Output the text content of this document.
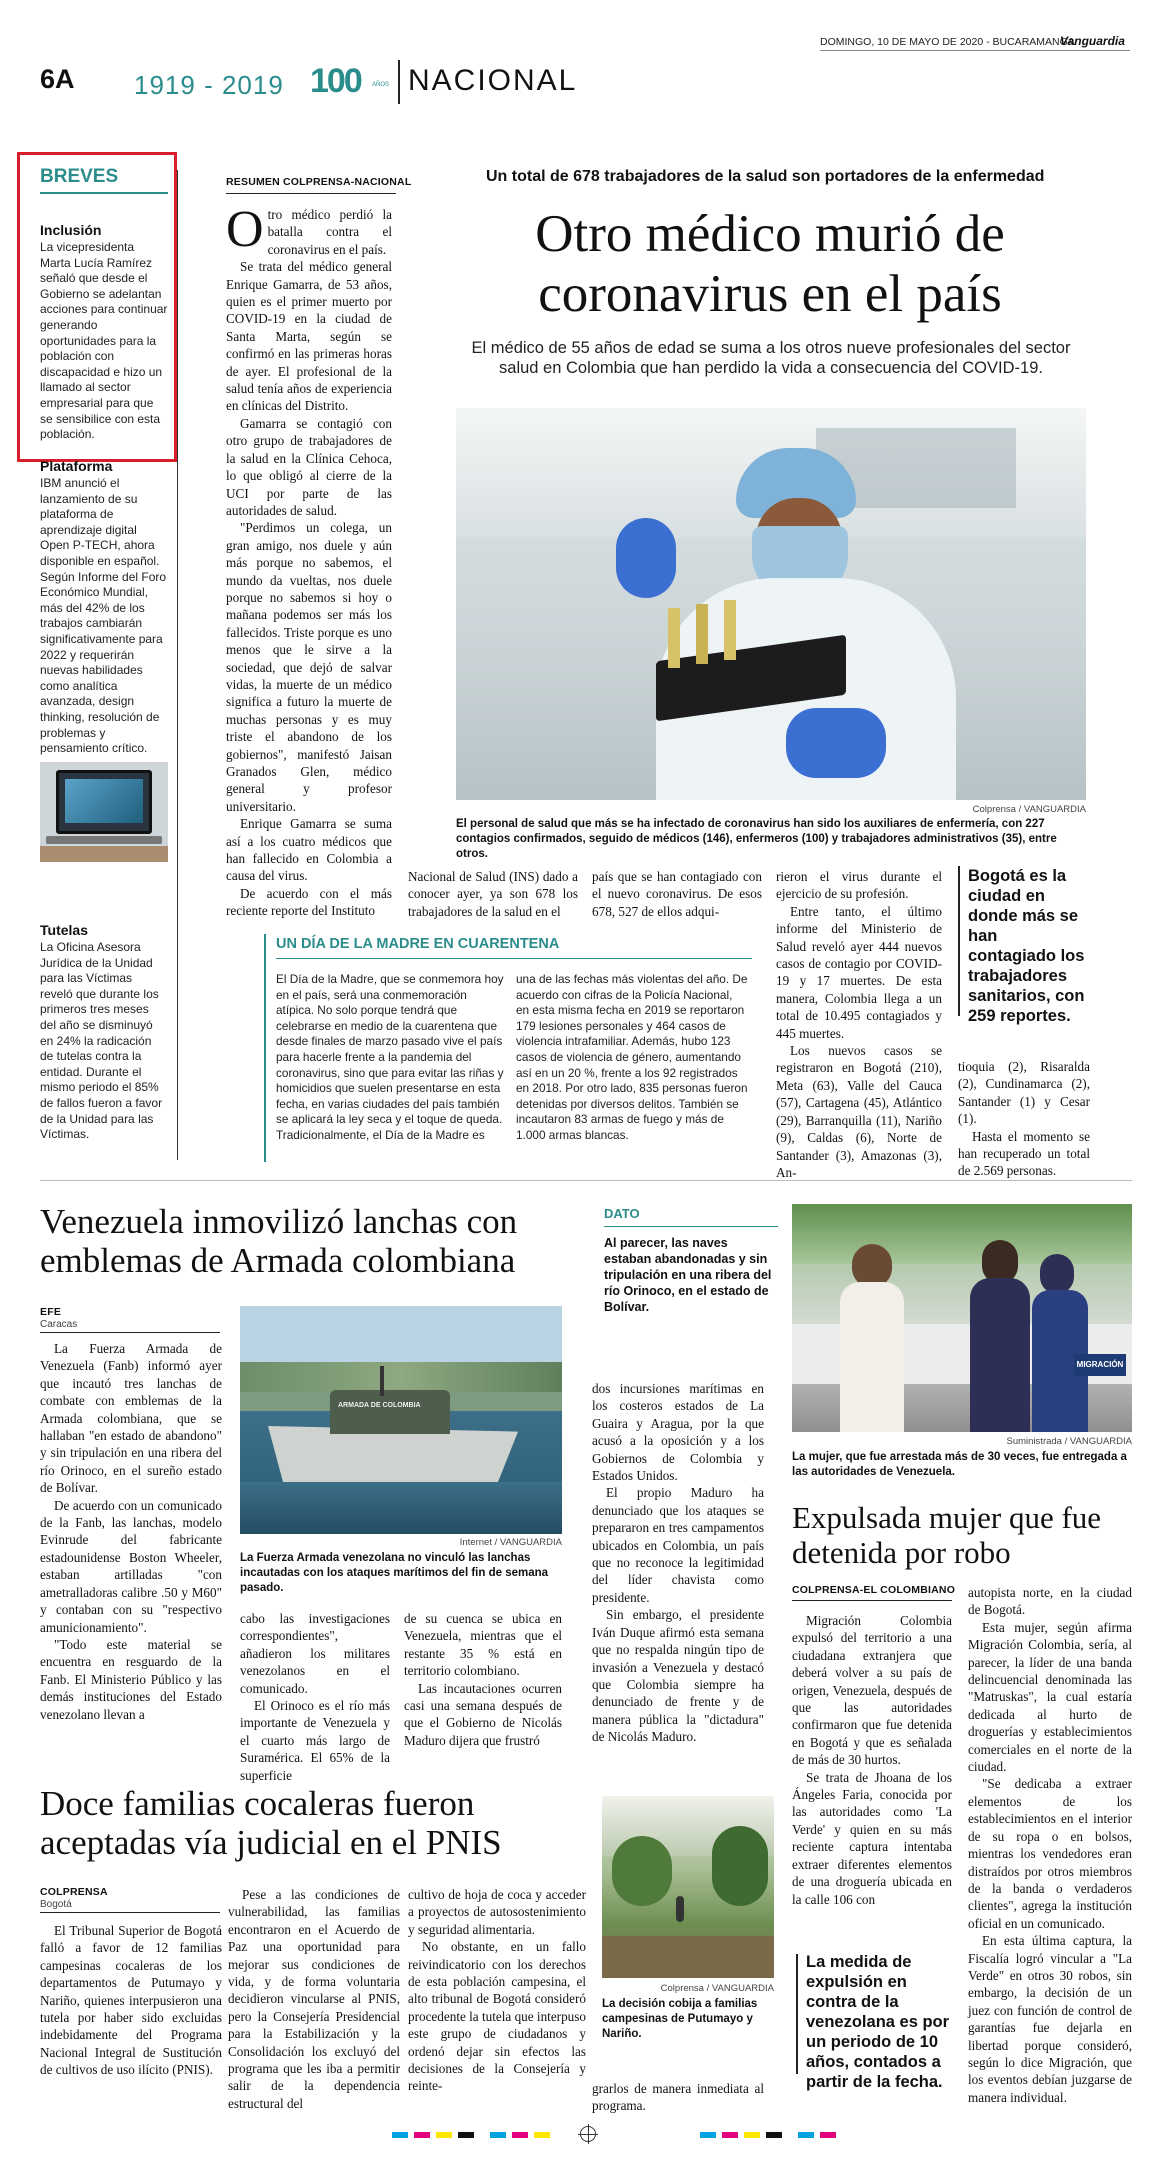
DOMINGO, 10 DE MAYO DE 2020 - BUCARAMANGA
Vanguardia
6A 1919 - 2019 100 AÑOS NACIONAL
BREVES
Inclusión
La vicepresidenta Marta Lucía Ramírez señaló que desde el Gobierno se adelantan acciones para continuar generando oportunidades para la población con discapacidad e hizo un llamado al sector empresarial para que se sensibilice con esta población.
Plataforma
IBM anunció el lanzamiento de su plataforma de aprendizaje digital Open P-TECH, ahora disponible en español. Según Informe del Foro Económico Mundial, más del 42% de los trabajos cambiarán significativamente para 2022 y requerirán nuevas habilidades como analítica avanzada, design thinking, resolución de problemas y pensamiento crítico.
Tutelas
La Oficina Asesora Jurídica de la Unidad para las Víctimas reveló que durante los primeros tres meses del año se disminuyó en 24% la radicación de tutelas contra la entidad. Durante el mismo periodo el 85% de fallos fueron a favor de la Unidad para las Víctimas.
RESUMEN COLPRENSA-NACIONAL	Un total de 678 trabajadores de la salud son portadores de la enfermedad
Otro médico murió de coronavirus en el país
El médico de 55 años de edad se suma a los otros nueve profesionales del sector salud en Colombia que han perdido la vida a consecuencia del COVID-19.
O tro médico perdió la batalla contra el coronavirus en el país.

Se trata del médico general Enrique Gamarra, de 53 años, quien es el primer muerto por COVID-19 en la ciudad de Santa Marta, según se confirmó en las primeras horas de ayer. El profesional de la salud tenía años de experiencia en clínicas del Distrito.

Gamarra se contagió con otro grupo de trabajadores de la salud en la Clínica Cehoca, lo que obligó al cierre de la UCI por parte de las autoridades de salud.

"Perdimos un colega, un gran amigo, nos duele y aún más porque no sabemos, el mundo da vueltas, nos duele porque no sabemos si hoy o mañana podemos ser más los fallecidos. Triste porque es uno menos que le sirve a la sociedad, que dejó de salvar vidas, la muerte de un médico significa a futuro la muerte de muchas personas y es muy triste el abandono de los gobiernos", manifestó Jaisan Granados Glen, médico general y profesor universitario.

Enrique Gamarra se suma así a los cuatro médicos que han fallecido en Colombia a causa del virus.

De acuerdo con el más reciente reporte del Instituto

Colprensa / VANGUARDIA
El personal de salud que más se ha infectado de coronavirus han sido los auxiliares de enfermería, con 227 contagios confirmados, seguido de médicos (146), enfermeros (100) y trabajadores administrativos (35), entre otros.
Nacional de Salud (INS) dado a conocer ayer, ya son 678 los trabajadores de la salud en el
país que se han contagiado con el nuevo coronavirus. De esos 678, 527 de ellos adqui-

rieron el virus durante el ejercicio de su profesión.

Entre tanto, el último informe del Ministerio de Salud reveló ayer 444 nuevos casos de contagio por COVID-19 y 17 muertes. De esta manera, Colombia llega a un total de 10.495 contagiados y 445 muertes.

Los nuevos casos se registraron en Bogotá (210), Meta (63), Valle del Cauca (57), Cartagena (45), Atlántico (29), Barranquilla (11), Nariño (9), Caldas (6), Norte de Santander (3), Amazonas (3), An-

Bogotá es la ciudad en donde más se han contagiado los trabajadores sanitarios, con 259 reportes.

tioquia (2), Risaralda (2), Cundinamarca (2), Santander (1) y Cesar (1).

Hasta el momento se han recuperado un total de 2.569 personas.

UN DÍA DE LA MADRE EN CUARENTENA
El Día de la Madre, que se conmemora hoy en el país, será una conmemoración atípica. No solo porque tendrá que celebrarse en medio de la cuarentena que desde finales de marzo pasado vive el país para hacerle frente a la pandemia del coronavirus, sino que para evitar las riñas y homicidios que suelen presentarse en esta fecha, en varias ciudades del país también se aplicará la ley seca y el toque de queda. Tradicionalmente, el Día de la Madre es
una de las fechas más violentas del año. De acuerdo con cifras de la Policía Nacional, en esta misma fecha en 2019 se reportaron 179 lesiones personales y 464 casos de violencia intrafamiliar. Además, hubo 123 casos de violencia de género, aumentando así en un 20 %, frente a los 92 registrados en 2018. Por otro lado, 835 personas fueron detenidas por diversos delitos. También se incautaron 83 armas de fuego y más de 1.000 armas blancas.
Venezuela inmovilizó lanchas con emblemas de Armada colombiana
EFE
Caracas

La Fuerza Armada de Venezuela (Fanb) informó ayer que incautó tres lanchas de combate con emblemas de la Armada colombiana, que se hallaban "en estado de abandono" y sin tripulación en una ribera del río Orinoco, en el sureño estado de Bolívar.

De acuerdo con un comunicado de la Fanb, las lanchas, modelo Evinrude del fabricante estadounidense Boston Wheeler, estaban artilladas "con ametralladoras calibre .50 y M60" y contaban con su "respectivo amunicionamiento".

"Todo este material se encuentra en resguardo de la Fanb. El Ministerio Público y las demás instituciones del Estado venezolano llevan a

ARMADA DE COLOMBIA
Internet / VANGUARDIA
La Fuerza Armada venezolana no vinculó las lanchas incautadas con los ataques marítimos del fin de semana pasado.

cabo las investigaciones correspondientes", añadieron los militares venezolanos en el comunicado.

El Orinoco es el río más importante de Venezuela y el cuarto más largo de Suramérica. El 65% de la superficie

de su cuenca se ubica en Venezuela, mientras que el restante 35 % está en territorio colombiano.

Las incautaciones ocurren casi una semana después de que el Gobierno de Nicolás Maduro dijera que frustró

DATO
Al parecer, las naves estaban abandonadas y sin tripulación en una ribera del río Orinoco, en el estado de Bolívar.

dos incursiones marítimas en los costeros estados de La Guaira y Aragua, por la que acusó a la oposición y a los Gobiernos de Colombia y Estados Unidos.

El propio Maduro ha denunciado que los ataques se prepararon en tres campamentos ubicados en Colombia, un país que no reconoce la legitimidad del líder chavista como presidente.

Sin embargo, el presidente Iván Duque afirmó esta semana que no respalda ningún tipo de invasión a Venezuela y destacó que Colombia siempre ha denunciado de frente y de manera pública la "dictadura" de Nicolás Maduro.

MIGRACIÓN
Suministrada / VANGUARDIA
La mujer, que fue arrestada más de 30 veces, fue entregada a las autoridades de Venezuela.
Expulsada mujer que fue detenida por robo
COLPRENSA-EL COLOMBIANO

Migración Colombia expulsó del territorio a una ciudadana extranjera que deberá volver a su país de origen, Venezuela, después de que las autoridades confirmaron que fue detenida en Bogotá y que es señalada de más de 30 hurtos.

Se trata de Jhoana de los Ángeles Faria, conocida por las autoridades como 'La Verde' y quien en su más reciente captura intentaba extraer diferentes elementos de una droguería ubicada en la calle 106 con

autopista norte, en la ciudad de Bogotá.

Esta mujer, según afirma Migración Colombia, sería, al parecer, la líder de una banda delincuencial denominada las "Matruskas", la cual estaría dedicada al hurto de droguerías y establecimientos comerciales en el norte de la ciudad.

"Se dedicaba a extraer elementos de los establecimientos en el interior de su ropa o en bolsos, mientras los vendedores eran distraídos por otros miembros de la banda o verdaderos clientes", agrega la institución oficial en un comunicado.

En esta última captura, la Fiscalía logró vincular a "La Verde" en otros 30 robos, sin embargo, la decisión de un juez con función de control de garantías fue dejarla en libertad porque consideró, según lo dice Migración, que los eventos debían juzgarse de manera individual.

La medida de expulsión en contra de la venezolana es por un periodo de 10 años, contados a partir de la fecha.
Doce familias cocaleras fueron aceptadas vía judicial en el PNIS
COLPRENSA
Bogotá
El Tribunal Superior de Bogotá falló a favor de 12 familias campesinas cocaleras de los departamentos de Putumayo y Nariño, quienes interpusieron una tutela por haber sido excluidas indebidamente del Programa Nacional Integral de Sustitución de cultivos de uso ilícito (PNIS).
Pese a las condiciones de vulnerabilidad, las familias encontraron en el Acuerdo de Paz una oportunidad para mejorar sus condiciones de vida, y de forma voluntaria decidieron vincularse al PNIS, pero la Consejería Presidencial para la Estabilización y la Consolidación los excluyó del programa que les iba a permitir salir de la dependencia estructural del

cultivo de hoja de coca y acceder a proyectos de autosostenimiento y seguridad alimentaria.

No obstante, en un fallo reivindicatorio con los derechos de esta población campesina, el alto tribunal de Bogotá consideró procedente la tutela que interpuso este grupo de ciudadanos y ordenó dejar sin efectos las decisiones de la Consejería y reinte-

Colprensa / VANGUARDIA
La decisión cobija a familias campesinas de Putumayo y Nariño.
grarlos de manera inmediata al programa.
